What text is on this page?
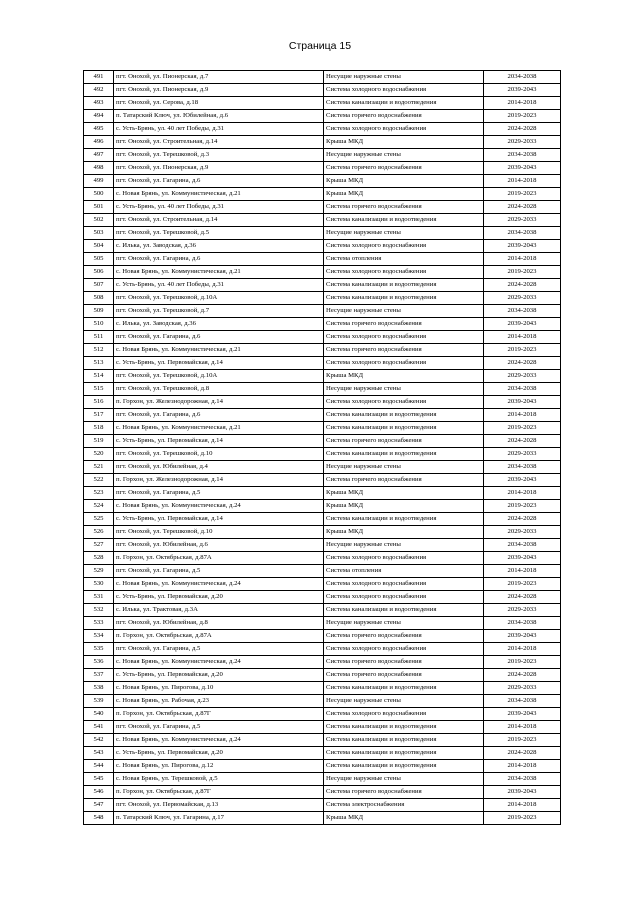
Страница 15
491	пгт. Онохой, ул. Пионерская, д.7	Несущие наружные стены	2034-2038
492	пгт. Онохой, ул. Пионерская, д.9	Система холодного водоснабжения	2039-2043
493	пгт. Онохой, ул. Серова, д.18	Система канализации и водоотведения	2014-2018
494	п. Татарский Ключ, ул. Юбилейная, д.6	Система горячего водоснабжения	2019-2023
495	с. Усть-Брянь, ул. 40 лет Победы, д.31	Система холодного водоснабжения	2024-2028
496	пгт. Онохой, ул. Строительная, д.14	Крыша МКД	2029-2033
497	пгт. Онохой, ул. Терешковой, д.3	Несущие наружные стены	2034-2038
498	пгт. Онохой, ул. Пионерская, д.9	Система горячего водоснабжения	2039-2043
499	пгт. Онохой, ул. Гагарина, д.6	Крыша МКД	2014-2018
500	с. Новая Брянь, ул. Коммунистическая, д.21	Крыша МКД	2019-2023
501	с. Усть-Брянь, ул. 40 лет Победы, д.31	Система горячего водоснабжения	2024-2028
502	пгт. Онохой, ул. Строительная, д.14	Система канализации и водоотведения	2029-2033
503	пгт. Онохой, ул. Терешковой, д.5	Несущие наружные стены	2034-2038
504	с. Илька, ул. Заводская, д.36	Система холодного водоснабжения	2039-2043
505	пгт. Онохой, ул. Гагарина, д.6	Система отопления	2014-2018
506	с. Новая Брянь, ул. Коммунистическая, д.21	Система холодного водоснабжения	2019-2023
507	с. Усть-Брянь, ул. 40 лет Победы, д.31	Система канализации и водоотведения	2024-2028
508	пгт. Онохой, ул. Терешковой, д.10А	Система канализации и водоотведения	2029-2033
509	пгт. Онохой, ул. Терешковой, д.7	Несущие наружные стены	2034-2038
510	с. Илька, ул. Заводская, д.36	Система горячего водоснабжения	2039-2043
511	пгт. Онохой, ул. Гагарина, д.6	Система холодного водоснабжения	2014-2018
512	с. Новая Брянь, ул. Коммунистическая, д.21	Система горячего водоснабжения	2019-2023
513	с. Усть-Брянь, ул. Первомайская, д.14	Система холодного водоснабжения	2024-2028
514	пгт. Онохой, ул. Терешковой, д.10А	Крыша МКД	2029-2033
515	пгт. Онохой, ул. Терешковой, д.8	Несущие наружные стены	2034-2038
516	п. Горхон, ул. Железнодорожная, д.14	Система холодного водоснабжения	2039-2043
517	пгт. Онохой, ул. Гагарина, д.6	Система канализации и водоотведения	2014-2018
518	с. Новая Брянь, ул. Коммунистическая, д.21	Система канализации и водоотведения	2019-2023
519	с. Усть-Брянь, ул. Первомайская, д.14	Система горячего водоснабжения	2024-2028
520	пгт. Онохой, ул. Терешковой, д.10	Система канализации и водоотведения	2029-2033
521	пгт. Онохой, ул. Юбилейная, д.4	Несущие наружные стены	2034-2038
522	п. Горхон, ул. Железнодорожная, д.14	Система горячего водоснабжения	2039-2043
523	пгт. Онохой, ул. Гагарина, д.5	Крыша МКД	2014-2018
524	с. Новая Брянь, ул. Коммунистическая, д.24	Крыша МКД	2019-2023
525	с. Усть-Брянь, ул. Первомайская, д.14	Система канализации и водоотведения	2024-2028
526	пгт. Онохой, ул. Терешковой, д.10	Крыша МКД	2029-2033
527	пгт. Онохой, ул. Юбилейная, д.6	Несущие наружные стены	2034-2038
528	п. Горхон, ул. Октябрьская, д.87А	Система холодного водоснабжения	2039-2043
529	пгт. Онохой, ул. Гагарина, д.5	Система отопления	2014-2018
530	с. Новая Брянь, ул. Коммунистическая, д.24	Система холодного водоснабжения	2019-2023
531	с. Усть-Брянь, ул. Первомайская, д.20	Система холодного водоснабжения	2024-2028
532	с. Илька, ул. Трактовая, д.3А	Система канализации и водоотведения	2029-2033
533	пгт. Онохой, ул. Юбилейная, д.8	Несущие наружные стены	2034-2038
534	п. Горхон, ул. Октябрьская, д.87А	Система горячего водоснабжения	2039-2043
535	пгт. Онохой, ул. Гагарина, д.5	Система холодного водоснабжения	2014-2018
536	с. Новая Брянь, ул. Коммунистическая, д.24	Система горячего водоснабжения	2019-2023
537	с. Усть-Брянь, ул. Первомайская, д.20	Система горячего водоснабжения	2024-2028
538	с. Новая Брянь, ул. Пирогова, д.10	Система канализации и водоотведения	2029-2033
539	с. Новая Брянь, ул. Рабочая, д.23	Несущие наружные стены	2034-2038
540	п. Горхон, ул. Октябрьская, д.87Г	Система холодного водоснабжения	2039-2043
541	пгт. Онохой, ул. Гагарина, д.5	Система канализации и водоотведения	2014-2018
542	с. Новая Брянь, ул. Коммунистическая, д.24	Система канализации и водоотведения	2019-2023
543	с. Усть-Брянь, ул. Первомайская, д.20	Система канализации и водоотведения	2024-2028
544	с. Новая Брянь, ул. Пирогова, д.12	Система канализации и водоотведения	2014-2018
545	с. Новая Брянь, ул. Терешковой, д.5	Несущие наружные стены	2034-2038
546	п. Горхон, ул. Октябрьская, д.87Г	Система горячего водоснабжения	2039-2043
547	пгт. Онохой, ул. Первомайская, д.13	Система электроснабжения	2014-2018
548	п. Татарский Ключ, ул. Гагарина, д.17	Крыша МКД	2019-2023
